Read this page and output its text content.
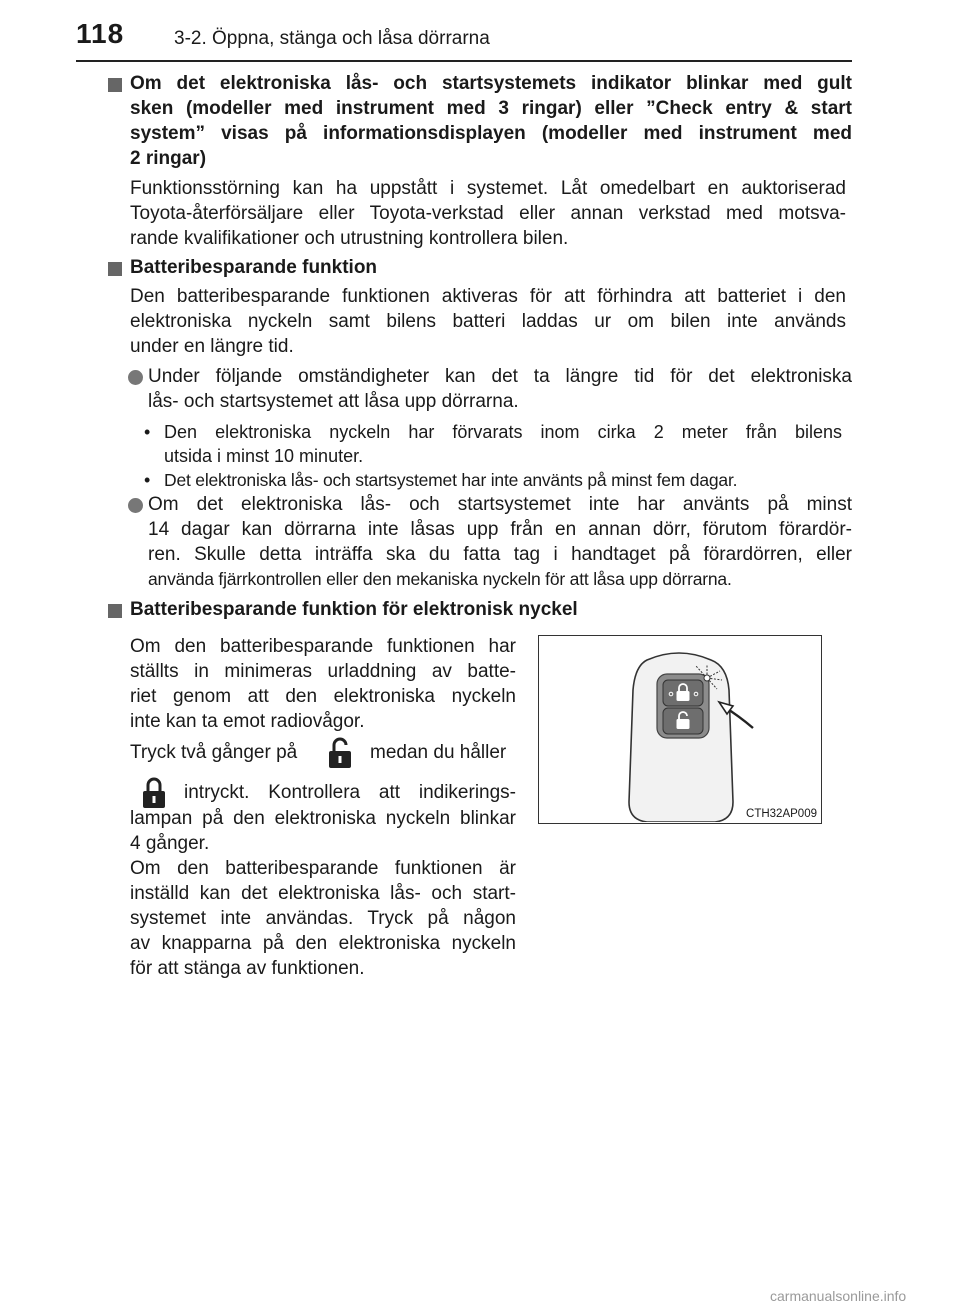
118	3-2. Öppna, stänga och låsa dörrarna
Om det elektroniska lås- och startsystemets indikator blinkar med gult
sken (modeller med instrument med 3 ringar) eller ”Check entry & start
system” visas på informationsdisplayen (modeller med instrument med
2 ringar)
Funktionsstörning kan ha uppstått i systemet. Låt omedelbart en auktoriserad
Toyota-återförsäljare eller Toyota-verkstad eller annan verkstad med motsva-
rande kvalifikationer och utrustning kontrollera bilen.
Batteribesparande funktion
Den batteribesparande funktionen aktiveras för att förhindra att batteriet i den
elektroniska nyckeln samt bilens batteri laddas ur om bilen inte används
under en längre tid.
Under följande omständigheter kan det ta längre tid för det elektroniska
lås- och startsystemet att låsa upp dörrarna.
• Den elektroniska nyckeln har förvarats inom cirka 2 meter från bilens
utsida i minst 10 minuter.
• Det elektroniska lås- och startsystemet har inte använts på minst fem dagar.
Om det elektroniska lås- och startsystemet inte har använts på minst
14 dagar kan dörrarna inte låsas upp från en annan dörr, förutom förardör-
ren. Skulle detta inträffa ska du fatta tag i handtaget på förardörren, eller
använda fjärrkontrollen eller den mekaniska nyckeln för att låsa upp dörrarna.
Batteribesparande funktion för elektronisk nyckel
Om den batteribesparande funktionen har
ställts in minimeras urladdning av batte-
riet genom att den elektroniska nyckeln
inte kan ta emot radiovågor.
Tryck två gånger på	medan du håller
intryckt. Kontrollera att indikerings-
lampan på den elektroniska nyckeln blinkar
4 gånger.
Om den batteribesparande funktionen är
inställd kan det elektroniska lås- och start-
systemet inte användas. Tryck på någon
av knapparna på den elektroniska nyckeln
för att stänga av funktionen.
CTH32AP009
carmanualsonline.info
